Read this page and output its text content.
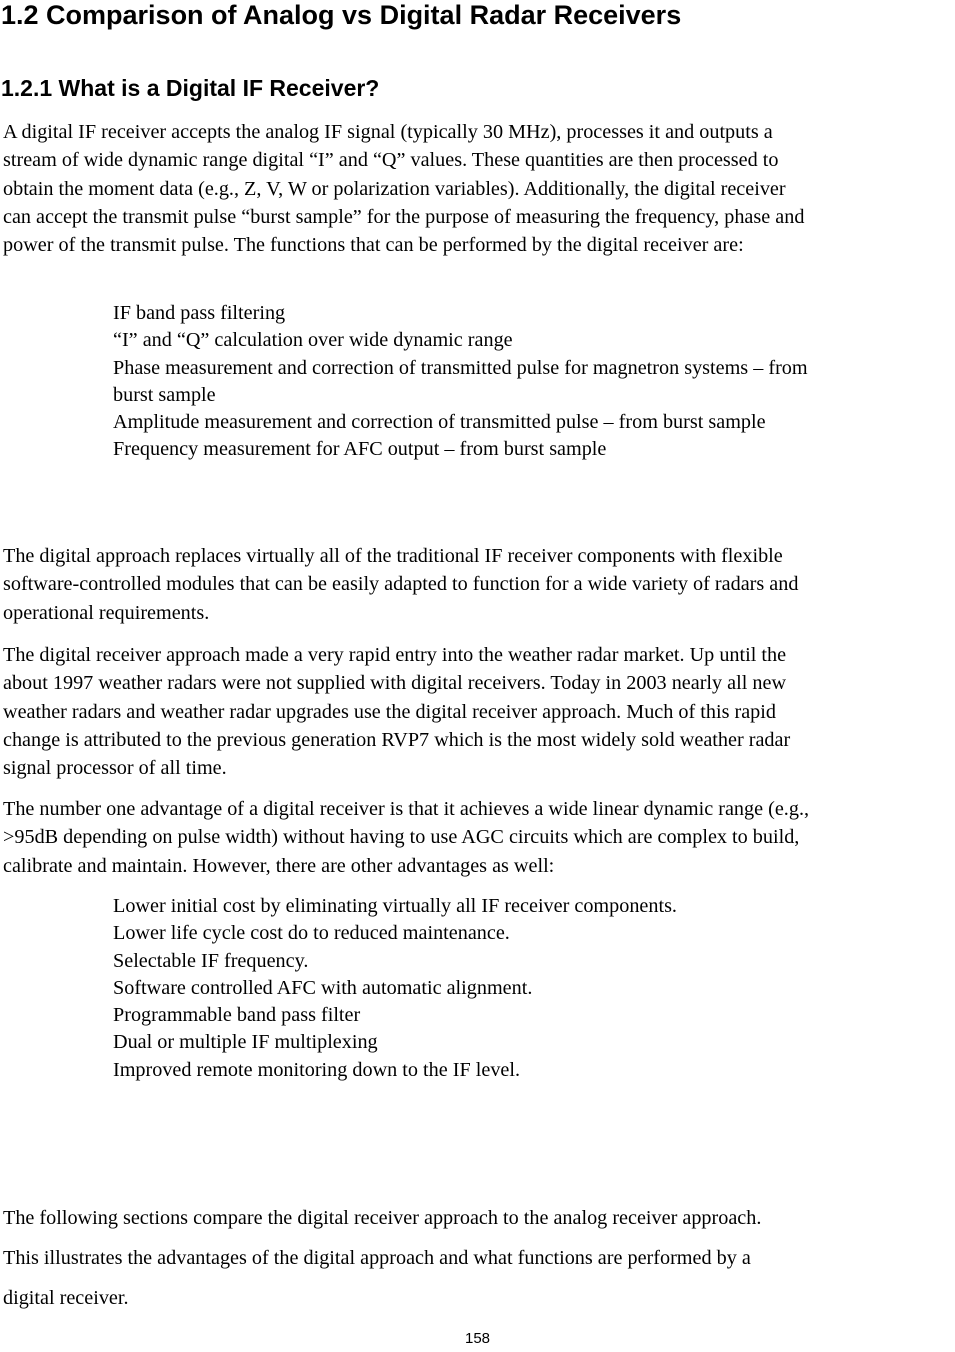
1.2 Comparison of Analog vs Digital Radar Receivers
1.2.1 What is a Digital IF Receiver?

A digital IF receiver accepts the analog IF signal (typically 30 MHz), processes it and outputs a
stream of wide dynamic range digital “I” and “Q” values. These quantities are then processed to
obtain the moment data (e.g., Z, V, W or polarization variables). Additionally, the digital receiver
can accept the transmit pulse “burst sample” for the purpose of measuring the frequency, phase and
power of the transmit pulse. The functions that can be performed by the digital receiver are:

IF band pass filtering
“I” and “Q” calculation over wide dynamic range
Phase measurement and correction of transmitted pulse for magnetron systems – from
burst sample
Amplitude measurement and correction of transmitted pulse – from burst sample
Frequency measurement for AFC output – from burst sample

The digital approach replaces virtually all of the traditional IF receiver components with flexible
software-controlled modules that can be easily adapted to function for a wide variety of radars and
operational requirements.

The digital receiver approach made a very rapid entry into the weather radar market. Up until the
about 1997 weather radars were not supplied with digital receivers. Today in 2003 nearly all new
weather radars and weather radar upgrades use the digital receiver approach. Much of this rapid
change is attributed to the previous generation RVP7 which is the most widely sold weather radar
signal processor of all time.

The number one advantage of a digital receiver is that it achieves a wide linear dynamic range (e.g.,
>95dB depending on pulse width) without having to use AGC circuits which are complex to build,
calibrate and maintain. However, there are other advantages as well:

Lower initial cost by eliminating virtually all IF receiver components.
Lower life cycle cost do to reduced maintenance.
Selectable IF frequency.
Software controlled AFC with automatic alignment.
Programmable band pass filter
Dual or multiple IF multiplexing
Improved remote monitoring down to the IF level.

The following sections compare the digital receiver approach to the analog receiver approach.
This illustrates the advantages of the digital approach and what functions are performed by a
digital receiver.

158
